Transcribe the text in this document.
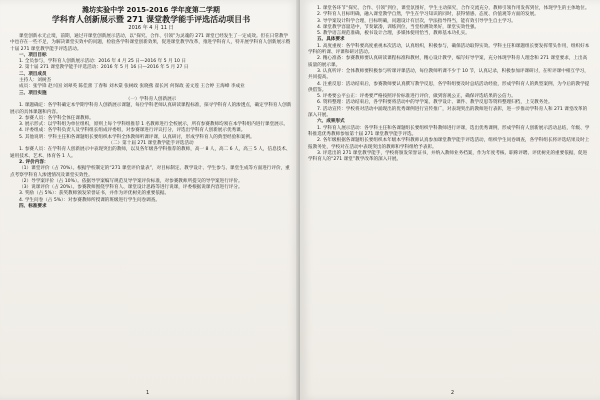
潍坊实验中学 2015-2016 学年度第二学期
学科育人创新展示暨 271 课堂教学能手评选活动项目书
2016 年 4 月 11 日

课堂创新永无止境，前期，通过开课堂创新展示活动，以“探究、合作、引领”为灵魂的 271 课堂已经发生了一定成效。但在日常教学中也存在一些不足，为解决课堂实效中的问题，检验各学科课堂创新效果，促进课堂教学改革，推进学科育人，特开展学科育人创新展示暨十届 271 课堂教学能手评选活动。

一、项目目标

1. 全员参与，学科育人创新展示活动：2016 年 4 月 25 日—2016 年 5 月 10 日

2. 第十届 271 课堂教学能手评选活动：2016 年 5 月 16 日—2016 年 5 月 27 日

二、项目成员

主持人：刘树杰

成员：张学锋 赵兴国 刘翠英 陈佳蕾 丁春和 刘木棠 张树政 张晓燕 翟长河 何保政 姜文莲 王合婷 王海峰 李成业

三、项目实施

（一）学科育人创新展示

1. 课题确定：各学科确定本学期学科育人创新展示课题，每位学科老师认真研读课程标准，探寻学科育人的渗透点，确定学科育人创新展示的具体课题和内容。

2. 参赛人员：各学科全体任课教师。

3. 展示形式：以学科组为单位组织，原则上每个学科组推荐 1 名教师进行全校展示，所有参赛教师均须在本学科组内进行课堂展示。

4. 评委组成：各学科负责人及学科组长组成评委组，对参赛课进行评议打分，评选出学科育人创新展示优秀课。

5. 其他说明：学科主任和各课题组长要组织本学科全体教师听课评课，认真研讨，形成学科育人的典型经验和案例。

（二）第十届 271 课堂教学能手评选活动

1. 参赛人员：在学科育人创新展示中表现突出的教师，以及各年级各学科推荐的教师，高一 8 人，高二 6 人，高三 5 人，信息技术、通用技术、艺术、体育各 1 人。

2. 评价内容：

（1）课堂评价（占 70%）。根据学校制定的“271 课堂评价量表”，对目标制定、教学设计、学生参与、课堂生成等方面进行评价，重点考察学科育人渗透情况及课堂实效性。

（2）导学案评价（占 10%）。依据导学案编写规范及导学案评价标准，对参赛教师所提交的导学案进行评价。

（3）说课评价（占 20%）。参赛教师围绕学科育人、课堂设计思路等进行说课，评委根据说课内容进行评分。

3. 奖励（占 5%）：获奖教师颁发荣誉证书，并作为评优树先的重要依据。

4. 学生问卷（占 5%）：对参赛教师所授课的班级进行学生问卷调查。

四、标准要求

1

1. 课堂各环节“探究、合作、引领”到位，课堂氛围好，学生主动探究，合作交流充分，教师引领作用发挥到位，体现学生的主体地位。

2. 学科育人目标明确，融入课堂教学自然，学生在学习知识的同时，获得情感、态度、价值观等方面的发展。

3. 导学案设计科学合理，目标明确，问题设计有层次，学法指导得当，能有效引导学生自主学习。

4. 课堂教学容量适中，节奏紧凑，训练到位，当堂检测效果好，课堂实效性强。

5. 教学语言规范准确，板书设计合理，多媒体使用恰当，教师基本功扎实。

五、具体要求

1. 高度重视：各学科要高度重视本次活动，认真组织，积极参与，确保活动取得实效。学科主任和课题组长要发挥带头作用，组织好本学科的听课、评课和研讨活动。

2. 精心准备：参赛教师要认真研读课程标准和教材，精心设计教学，编写好导学案，充分体现学科育人理念和 271 课堂要求，上出高质量的展示课。

3. 认真听评：全体教师要积极参与听课评课活动，每位教师听课不少于 10 节，认真记录，积极参加评课研讨，在听评课中相互学习，共同提高。

4. 注重反思：活动结束后，参赛教师要认真撰写教学反思，各学科组要及时总结活动经验，形成学科育人的典型案例，为今后的教学提供借鉴。

5. 评委要公平公正：评委要严格按照评价标准进行评价，做到客观公正，确保评选结果的公信力。

6. 资料整理：活动结束后，各学科要将活动中的导学案、教学设计、课件、教学反思等资料整理归档，上交教务处。

7. 活动宣传：学校将对活动中涌现出的优秀课例进行宣传推广，对表现突出的教师进行表彰，进一步推动学科育人和 271 课堂改革的深入开展。

六、成果形式

1. 学科育人展示活动：各学科主任和各课题组长要组织学科教师进行评课，选出优秀课例，形成学科育人创新展示活动总结，年级、学科推选优秀教师参加第十届 271 课堂教学能手评选。

2. 各年级根据各课题组长要组织本年级本学科教师认真参加课堂教学能手评选活动，组织学生问卷调查，各学科组长将评选结果及时上报教务处，学校对在活动中表现突出的教师和学科组给予表彰。

3. 评选出的 271 课堂教学能手，学校将颁发荣誉证书，并纳入教师业务档案，作为年度考核、职称评聘、评优树先的重要依据，促进学科育人的“271 课堂”教学改革的深入开展。

2
